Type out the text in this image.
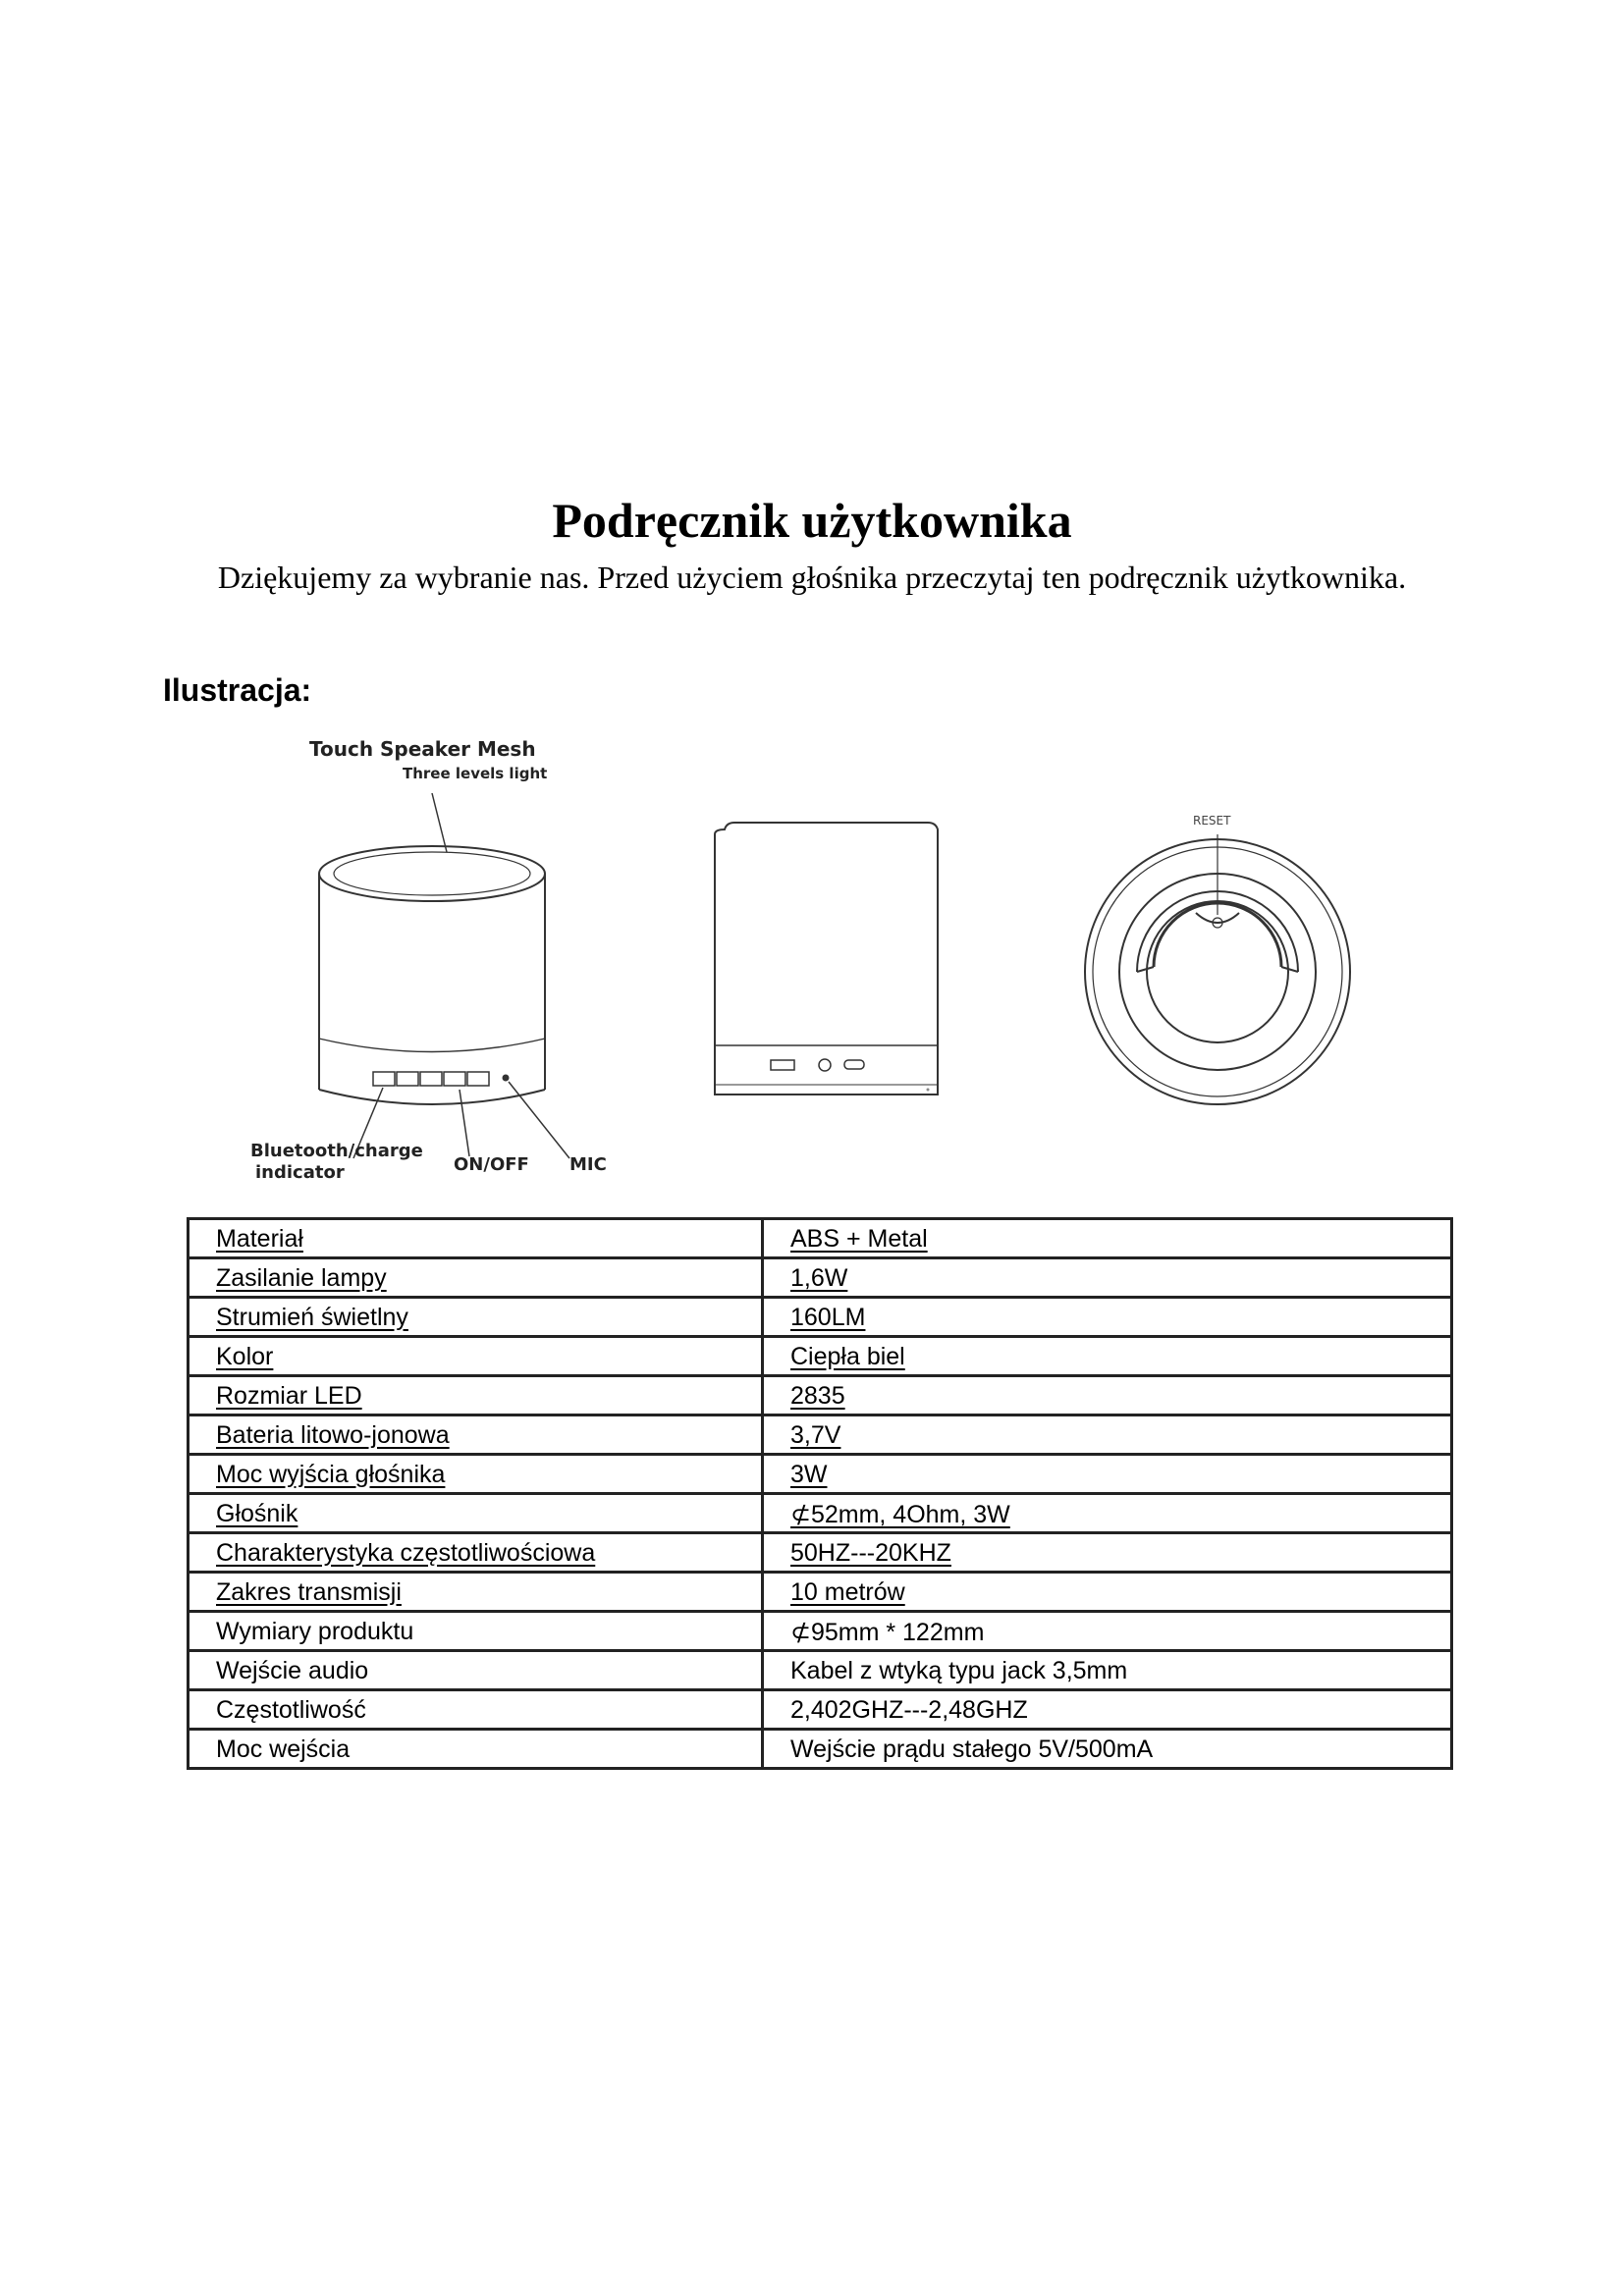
Podręcznik użytkownika
Dziękujemy za wybranie nas. Przed użyciem głośnika przeczytaj ten podręcznik użytkownika.
Ilustracja:
Touch Speaker Mesh
Three levels light
Bluetooth/charge
indicator	ON/OFF MIC
RESET
Materiał	ABS + Metal
Zasilanie lampy	1,6W
Strumień świetlny	160LM
Kolor	Ciepła biel
Rozmiar LED	2835
Bateria litowo-jonowa	3,7V
Moc wyjścia głośnika	3W
Głośnik	⊄52mm, 4Ohm, 3W
Charakterystyka częstotliwościowa	50HZ---20KHZ
Zakres transmisji	10 metrów
Wymiary produktu	⊄95mm * 122mm
Wejście audio	Kabel z wtyką typu jack 3,5mm
Częstotliwość	2,402GHZ---2,48GHZ
Moc wejścia	Wejście prądu stałego 5V/500mA
